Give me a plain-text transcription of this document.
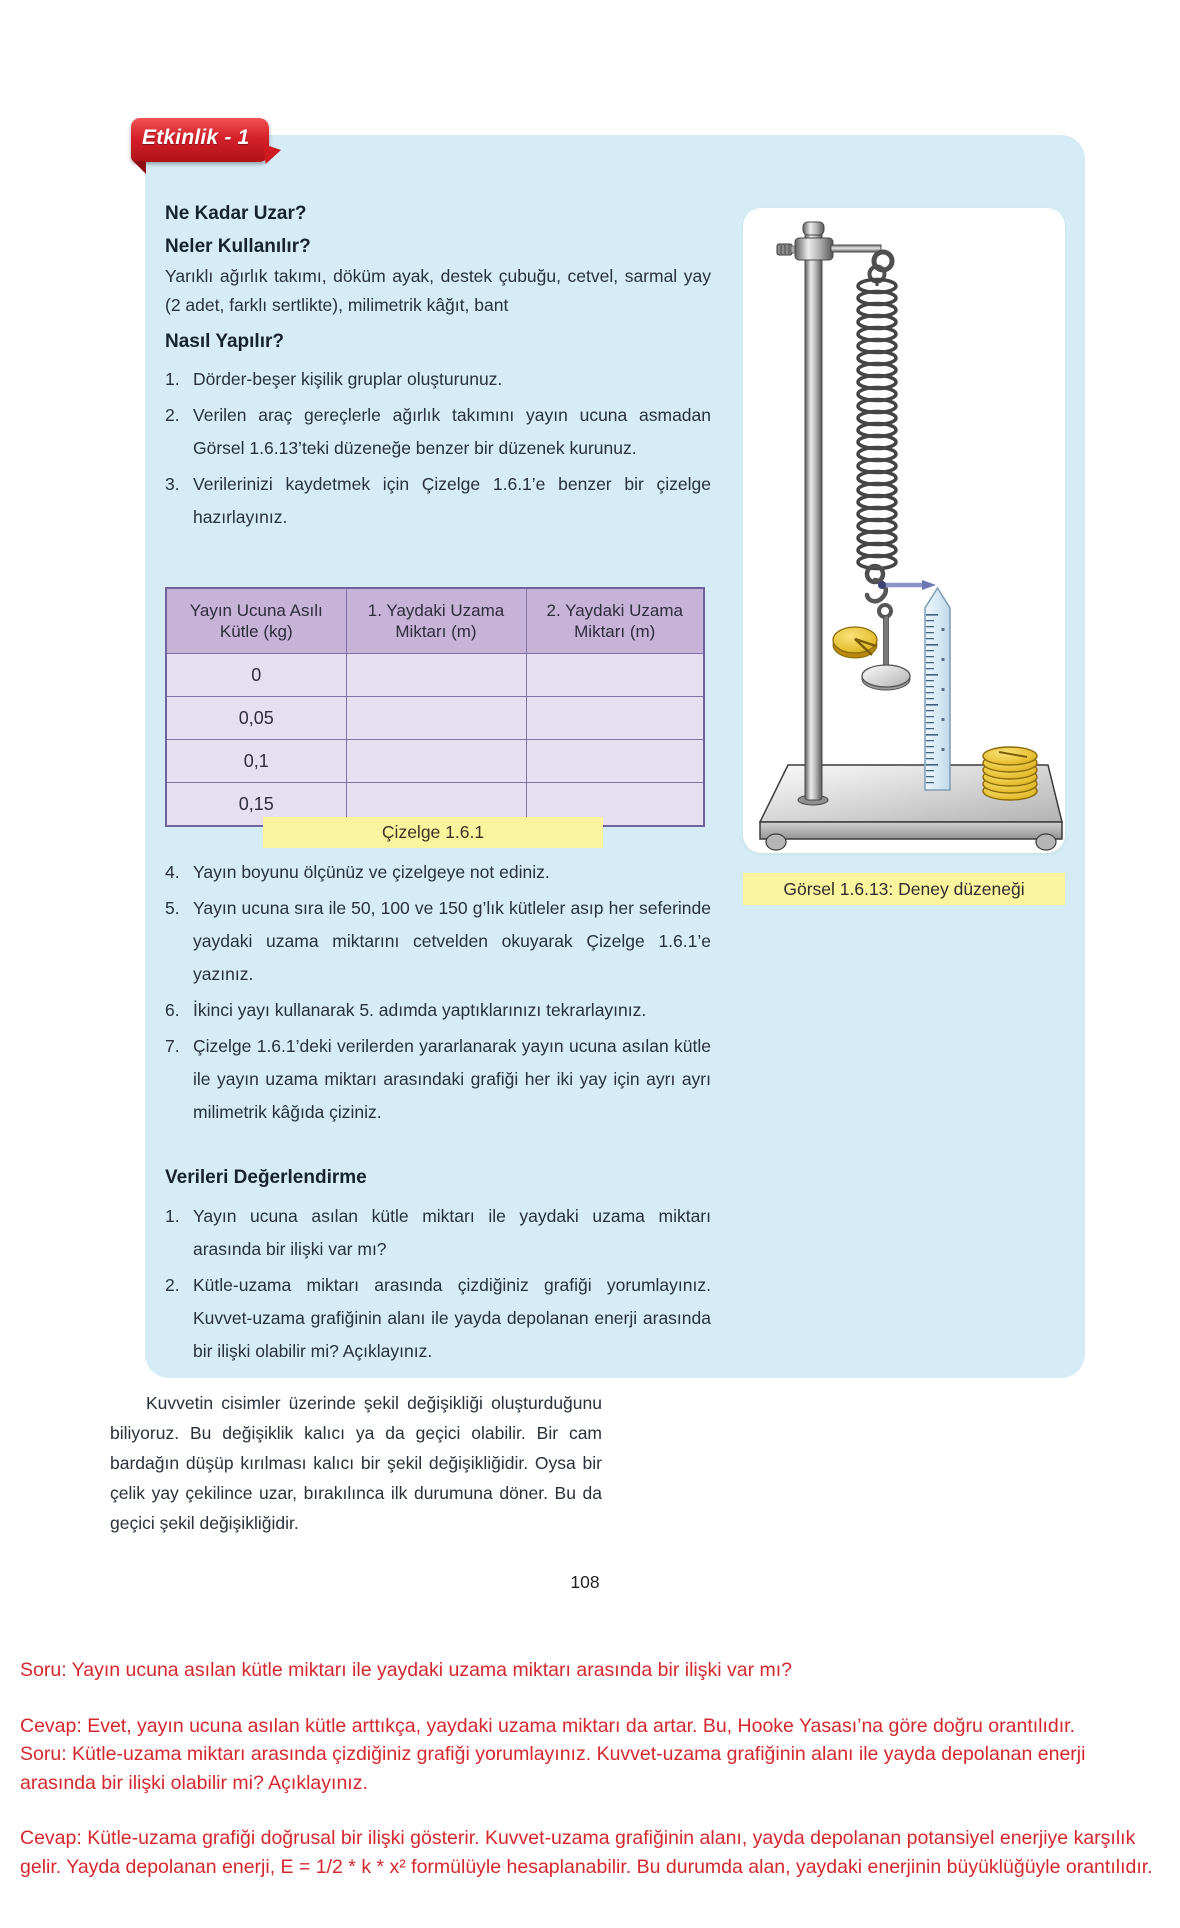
Etkinlik - 1
Ne Kadar Uzar?
Neler Kullanılır?
Yarıklı ağırlık takımı, döküm ayak, destek çubuğu, cetvel, sarmal yay (2 adet, farklı sertlikte), milimetrik kâğıt, bant
Nasıl Yapılır?
1. Dörder-beşer kişilik gruplar oluşturunuz.
2. Verilen araç gereçlerle ağırlık takımını yayın ucuna asmadan Görsel 1.6.13’teki düzeneğe benzer bir düzenek kurunuz.
3. Verilerinizi kaydetmek için Çizelge 1.6.1’e benzer bir çizelge hazırlayınız.
Yayın Ucuna Asılı Kütle (kg)	1. Yaydaki Uzama Miktarı (m)	2. Yaydaki Uzama Miktarı (m)
0		
0,05		
0,1		
0,15		
Çizelge 1.6.1
4. Yayın boyunu ölçünüz ve çizelgeye not ediniz.
5. Yayın ucuna sıra ile 50, 100 ve 150 g’lık kütleler asıp her seferinde yaydaki uzama miktarını cetvelden okuyarak Çizelge 1.6.1’e yazınız.
6. İkinci yayı kullanarak 5. adımda yaptıklarınızı tekrarlayınız.
7. Çizelge 1.6.1’deki verilerden yararlanarak yayın ucuna asılan kütle ile yayın uzama miktarı arasındaki grafiği her iki yay için ayrı ayrı milimetrik kâğıda çiziniz.
Verileri Değerlendirme
1. Yayın ucuna asılan kütle miktarı ile yaydaki uzama miktarı arasında bir ilişki var mı?
2. Kütle-uzama miktarı arasında çizdiğiniz grafiği yorumlayınız. Kuvvet-uzama grafiğinin alanı ile yayda depolanan enerji arasında bir ilişki olabilir mi? Açıklayınız.
Görsel 1.6.13: Deney düzeneği
Kuvvetin cisimler üzerinde şekil değişikliği oluşturduğunu biliyoruz. Bu değişiklik kalıcı ya da geçici olabilir. Bir cam bardağın düşüp kırılması kalıcı bir şekil değişikliğidir. Oysa bir çelik yay çekilince uzar, bırakılınca ilk durumuna döner. Bu da geçici şekil değişikliğidir.
108

Soru: Yayın ucuna asılan kütle miktarı ile yaydaki uzama miktarı arasında bir ilişki var mı?

Cevap: Evet, yayın ucuna asılan kütle arttıkça, yaydaki uzama miktarı da artar. Bu, Hooke Yasası’na göre doğru orantılıdır.

Soru: Kütle-uzama miktarı arasında çizdiğiniz grafiği yorumlayınız. Kuvvet-uzama grafiğinin alanı ile yayda depolanan enerji arasında bir ilişki olabilir mi? Açıklayınız.

Cevap: Kütle-uzama grafiği doğrusal bir ilişki gösterir. Kuvvet-uzama grafiğinin alanı, yayda depolanan potansiyel enerjiye karşılık gelir. Yayda depolanan enerji, E = 1/2 * k * x² formülüyle hesaplanabilir. Bu durumda alan, yaydaki enerjinin büyüklüğüyle orantılıdır.
